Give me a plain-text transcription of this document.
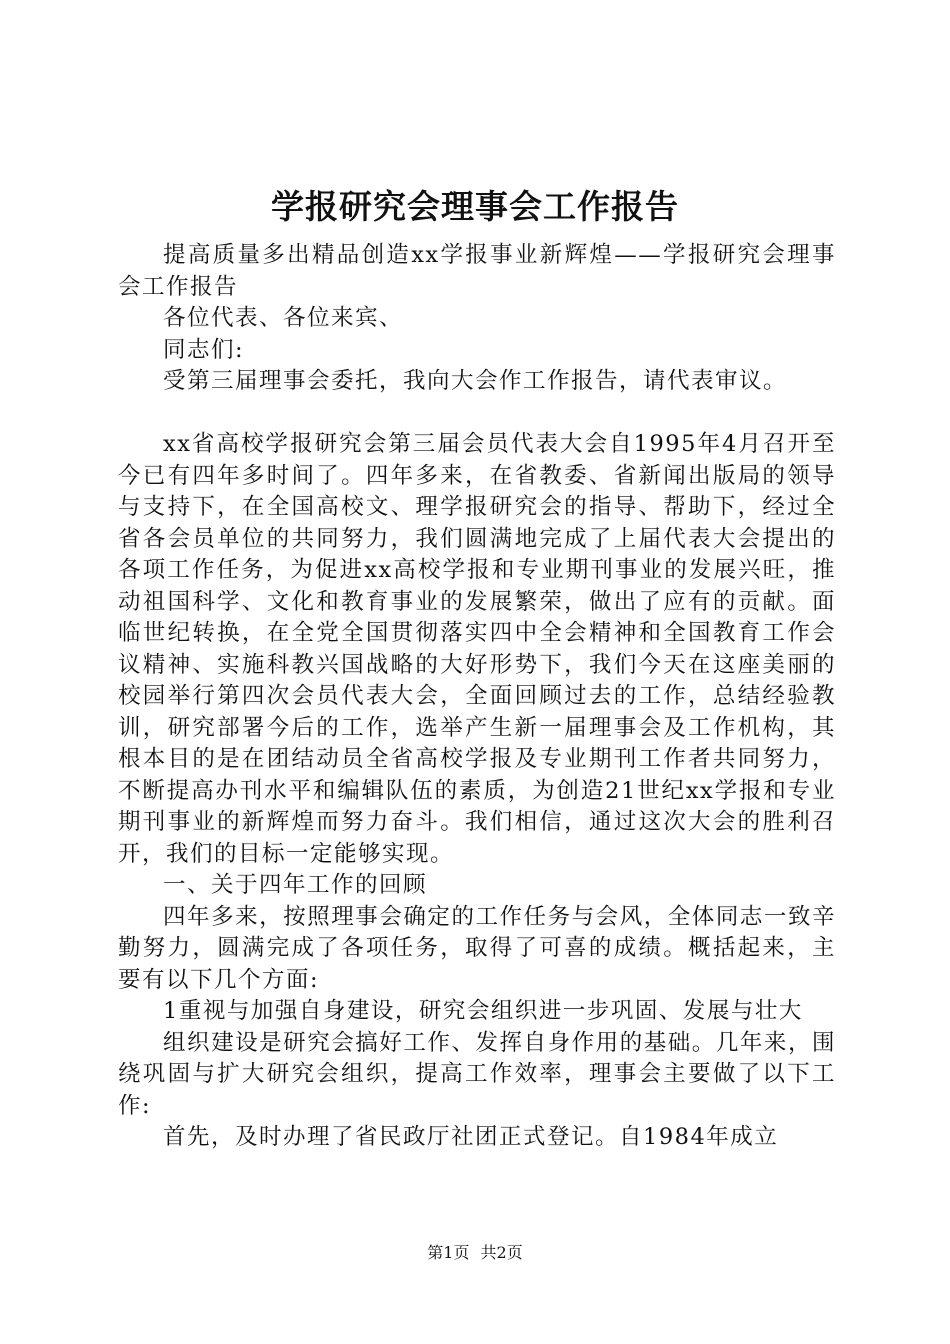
学报研究会理事会工作报告

提高质量多出精品创造xx学报事业新辉煌——学报研究会理事会工作报告

各位代表、各位来宾、

同志们:

受第三届理事会委托，我向大会作工作报告，请代表审议。

xx省高校学报研究会第三届会员代表大会自1995年4月召开至今已有四年多时间了。四年多来，在省教委、省新闻出版局的领导与支持下，在全国高校文、理学报研究会的指导、帮助下，经过全省各会员单位的共同努力，我们圆满地完成了上届代表大会提出的各项工作任务，为促进xx高校学报和专业期刊事业的发展兴旺，推动祖国科学、文化和教育事业的发展繁荣，做出了应有的贡献。面临世纪转换，在全党全国贯彻落实四中全会精神和全国教育工作会议精神、实施科教兴国战略的大好形势下，我们今天在这座美丽的校园举行第四次会员代表大会，全面回顾过去的工作，总结经验教训，研究部署今后的工作，选举产生新一届理事会及工作机构，其根本目的是在团结动员全省高校学报及专业期刊工作者共同努力，不断提高办刊水平和编辑队伍的素质，为创造21世纪xx学报和专业期刊事业的新辉煌而努力奋斗。我们相信，通过这次大会的胜利召开，我们的目标一定能够实现。

一、关于四年工作的回顾

四年多来，按照理事会确定的工作任务与会风，全体同志一致辛勤努力，圆满完成了各项任务，取得了可喜的成绩。概括起来，主要有以下几个方面:

1重视与加强自身建设，研究会组织进一步巩固、发展与壮大

组织建设是研究会搞好工作、发挥自身作用的基础。几年来，围绕巩固与扩大研究会组织，提高工作效率，理事会主要做了以下工作:

首先，及时办理了省民政厅社团正式登记。自1984年成立

第1页 共2页
